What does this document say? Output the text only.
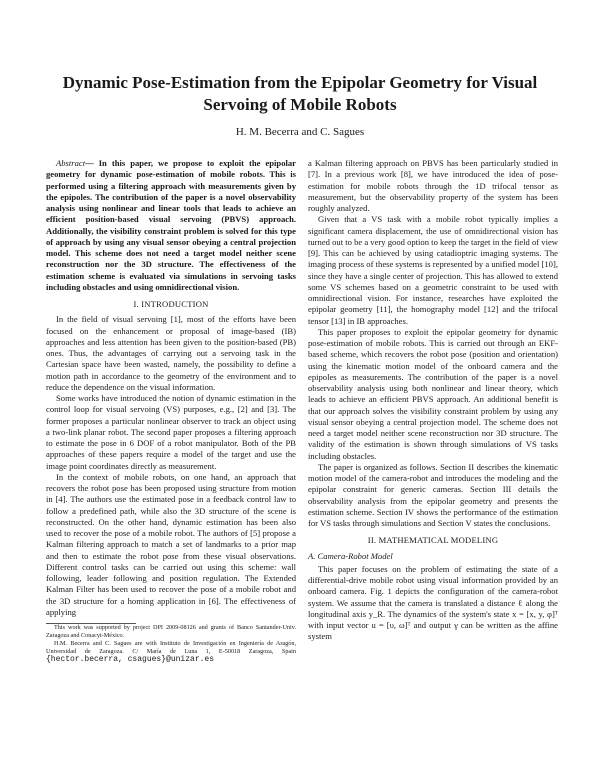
Dynamic Pose-Estimation from the Epipolar Geometry for Visual Servoing of Mobile Robots
H. M. Becerra and C. Sagues

Abstract— In this paper, we propose to exploit the epipolar geometry for dynamic pose-estimation of mobile robots. This is performed using a filtering approach with measurements given by the epipoles. The contribution of the paper is a novel observability analysis using nonlinear and linear tools that leads to achieve an efficient position-based visual servoing (PBVS) approach. Additionally, the visibility constraint problem is solved for this type of approach by using any visual sensor obeying a central projection model. This scheme does not need a target model neither scene reconstruction nor the 3D structure. The effectiveness of the estimation scheme is evaluated via simulations in servoing tasks including obstacles and using omnidirectional vision.

I. INTRODUCTION

In the field of visual servoing [1], most of the efforts have been focused on the enhancement or proposal of image-based (IB) approaches and less attention has been given to the position-based (PB) ones. Thus, the advantages of carrying out a servoing task in the Cartesian space have been wasted, namely, the possibility to define a motion path in accordance to the geometry of the environment and to reduce the dependence on the visual information.

Some works have introduced the notion of dynamic estimation in the control loop for visual servoing (VS) purposes, e.g., [2] and [3]. The former proposes a particular nonlinear observer to track an object using a two-link planar robot. The second paper proposes a filtering approach to estimate the pose in 6 DOF of a robot manipulator. Both of the PB approaches of these papers require a model of the target and use the image point coordinates directly as measurement.

In the context of mobile robots, on one hand, an approach that recovers the robot pose has been proposed using structure from motion in [4]. The authors use the estimated pose in a feedback control law to follow a predefined path, while also the 3D structure of the scene is reconstructed. On the other hand, dynamic estimation has been also used to recover the pose of a mobile robot. The authors of [5] propose a Kalman filtering approach to match a set of landmarks to a prior map and then to estimate the robot pose from these visual observations. Different control tasks can be carried out using this scheme: wall following, leader following and position regulation. The Extended Kalman Filter has been used to recover the pose of a mobile robot and the 3D structure for a homing application in [6]. The effectiveness of applying

This work was supported by project DPI 2009-08126 and grants of Banco Santander-Univ. Zaragoza and Conacyt-México.

H.M. Becerra and C. Sagues are with Instituto de Investigación en Ingeniería de Aragón, Universidad de Zaragoza. C/ María de Luna 1, E-50018 Zaragoza, Spain {hector.becerra, csagues}@unizar.es

a Kalman filtering approach on PBVS has been particularly studied in [7]. In a previous work [8], we have introduced the idea of pose-estimation for mobile robots through the 1D trifocal tensor as measurement, but the observability property of the system has been roughly analyzed.

Given that a VS task with a mobile robot typically implies a significant camera displacement, the use of omnidirectional vision has turned out to be a very good option to keep the target in the field of view [9]. This can be achieved by using catadioptric imaging systems. The imaging process of these systems is represented by a unified model [10], since they have a single center of projection. This has allowed to extend some VS schemes based on a geometric constraint to be used with omnidirectional vision. For instance, researches have exploited the epipolar geometry [11], the homography model [12] and the trifocal tensor [13] in IB approaches.

This paper proposes to exploit the epipolar geometry for dynamic pose-estimation of mobile robots. This is carried out through an EKF-based scheme, which recovers the robot pose (position and orientation) using the kinematic motion model of the onboard camera and the epipoles as measurements. The contribution of the paper is a novel observability analysis using both nonlinear and linear theory, which leads to achieve an efficient PBVS approach. An additional benefit is that our approach solves the visibility constraint problem by using any visual sensor obeying a central projection model. The scheme does not need a target model neither scene reconstruction nor 3D structure. The validity of the estimation is shown through simulations of VS tasks including obstacles.

The paper is organized as follows. Section II describes the kinematic motion model of the camera-robot and introduces the modeling and the epipolar constraint for generic cameras. Section III details the observability analysis from the epipolar geometry and presents the estimation scheme. Section IV shows the performance of the estimation for VS tasks through simulations and Section V states the conclusions.

II. MATHEMATICAL MODELING
A. Camera-Robot Model

This paper focuses on the problem of estimating the state of a differential-drive mobile robot using visual information provided by an onboard camera. Fig. 1 depicts the configuration of the camera-robot system. We assume that the camera is translated a distance ℓ along the longitudinal axis y_R. The dynamics of the system's state x = [x, y, φ]ᵀ with input vector u = [υ, ω]ᵀ and output γ can be written as the affine system
